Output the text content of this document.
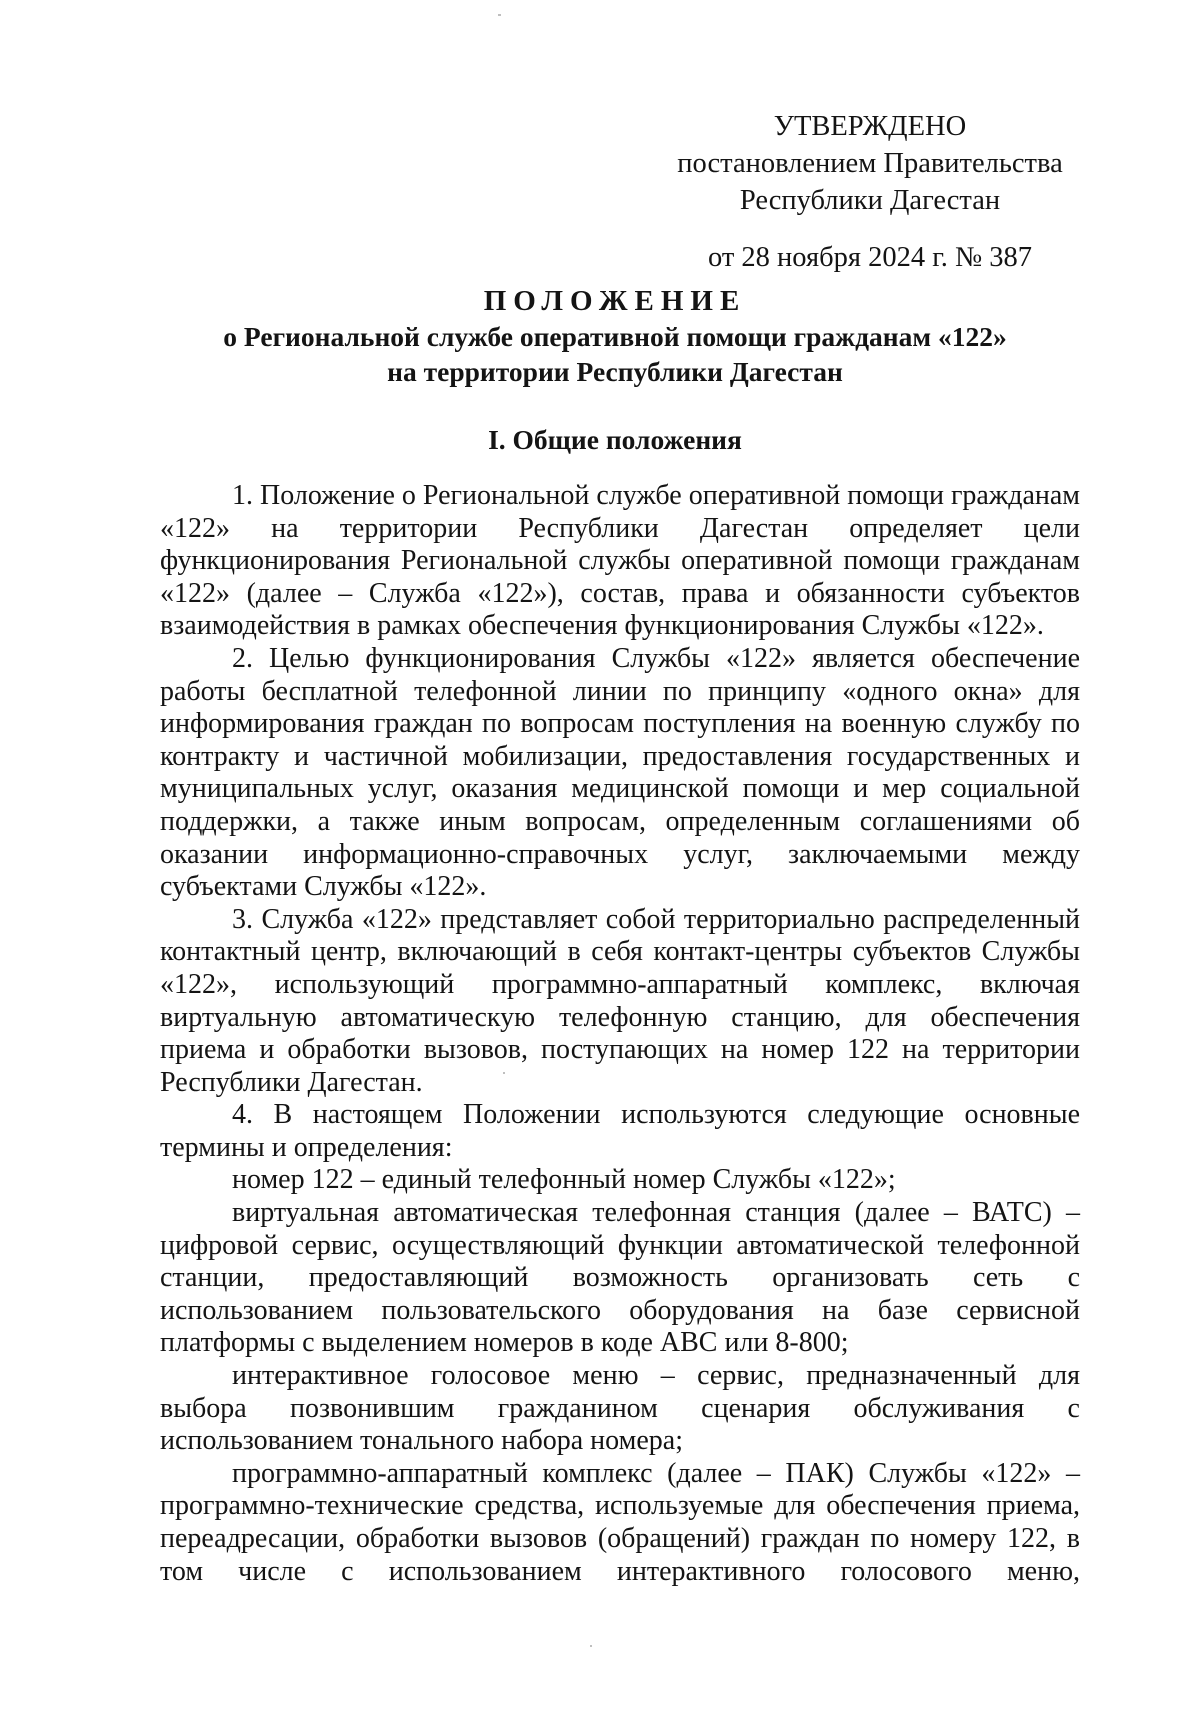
УТВЕРЖДЕНО
постановлением Правительства
Республики Дагестан
от 28 ноября 2024 г. № 387
ПОЛОЖЕНИЕ
о Региональной службе оперативной помощи гражданам «122»
на территории Республики Дагестан
I. Общие положения

1. Положение о Региональной службе оперативной помощи гражданам «122» на территории Республики Дагестан определяет цели функционирования Региональной службы оперативной помощи гражданам «122» (далее – Служба «122»), состав, права и обязанности субъектов взаимодействия в рамках обеспечения функционирования Службы «122».

2. Целью функционирования Службы «122» является обеспечение работы бесплатной телефонной линии по принципу «одного окна» для информирования граждан по вопросам поступления на военную службу по контракту и частичной мобилизации, предоставления государственных и муниципальных услуг, оказания медицинской помощи и мер социальной поддержки, а также иным вопросам, определенным соглашениями об оказании информационно-справочных услуг, заключаемыми между субъектами Службы «122».

3. Служба «122» представляет собой территориально распределенный контактный центр, включающий в себя контакт-центры субъектов Службы «122», использующий программно-аппаратный комплекс, включая виртуальную автоматическую телефонную станцию, для обеспечения приема и обработки вызовов, поступающих на номер 122 на территории Республики Дагестан.

4. В настоящем Положении используются следующие основные термины и определения:

номер 122 – единый телефонный номер Службы «122»;

виртуальная автоматическая телефонная станция (далее – ВАТС) – цифровой сервис, осуществляющий функции автоматической телефонной станции, предоставляющий возможность организовать сеть с использованием пользовательского оборудования на базе сервисной платформы с выделением номеров в коде АВС или 8-800;

интерактивное голосовое меню – сервис, предназначенный для выбора позвонившим гражданином сценария обслуживания с использованием тонального набора номера;

программно-аппаратный комплекс (далее – ПАК) Службы «122» – программно-технические средства, используемые для обеспечения приема, переадресации, обработки вызовов (обращений) граждан по номеру 122, в том числе с использованием интерактивного голосового меню,
